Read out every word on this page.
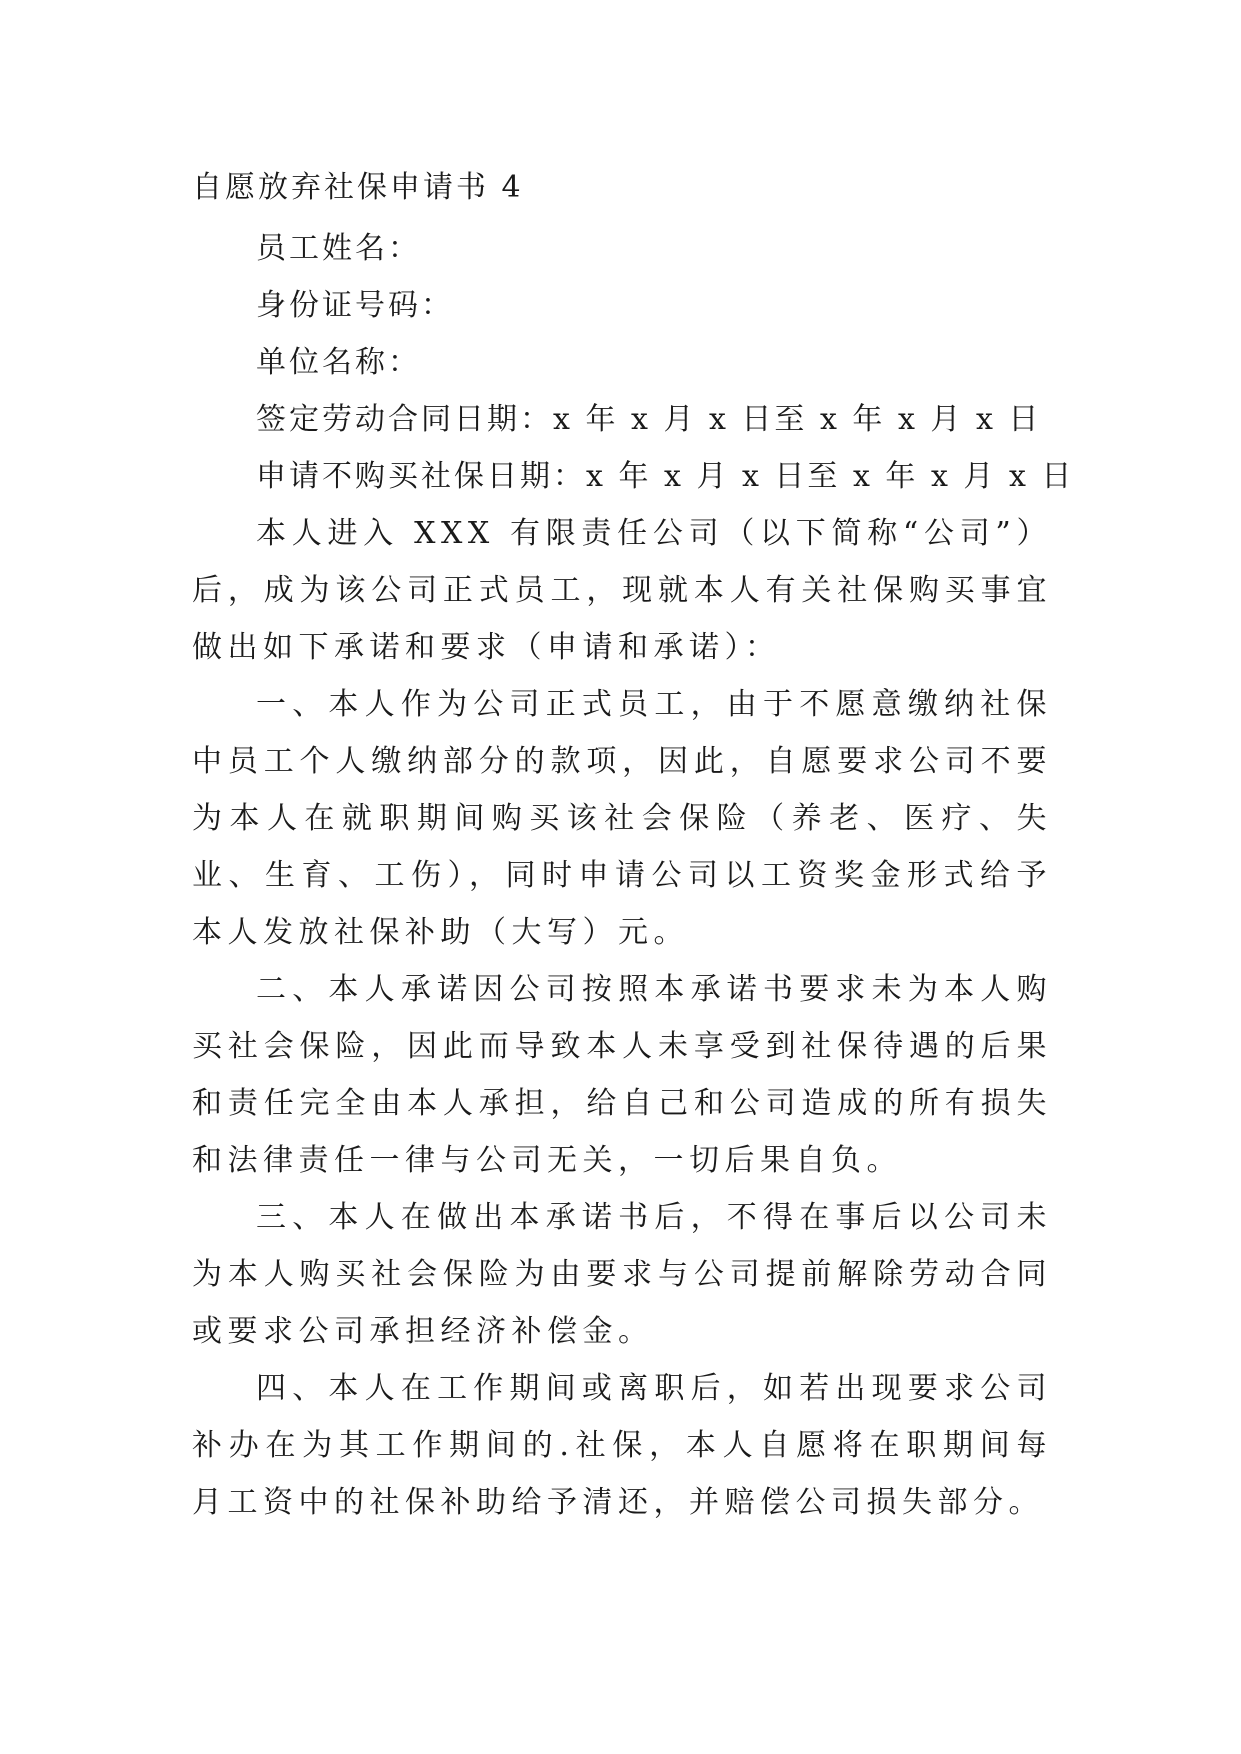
自愿放弃社保申请书 4

员工姓名：

身份证号码：

单位名称：

签定劳动合同日期：x 年 x 月 x 日至 x 年 x 月 x 日

申请不购买社保日期：x 年 x 月 x 日至 x 年 x 月 x 日

本人进入 XXX 有限责任公司（以下简称“公司”）后，成为该公司正式员工，现就本人有关社保购买事宜做出如下承诺和要求（申请和承诺）：

一、本人作为公司正式员工，由于不愿意缴纳社保中员工个人缴纳部分的款项，因此，自愿要求公司不要为本人在就职期间购买该社会保险（养老、医疗、失业、生育、工伤），同时申请公司以工资奖金形式给予本人发放社保补助（大写）元。

二、本人承诺因公司按照本承诺书要求未为本人购买社会保险，因此而导致本人未享受到社保待遇的后果和责任完全由本人承担，给自己和公司造成的所有损失和法律责任一律与公司无关，一切后果自负。

三、本人在做出本承诺书后，不得在事后以公司未为本人购买社会保险为由要求与公司提前解除劳动合同或要求公司承担经济补偿金。

四、本人在工作期间或离职后，如若出现要求公司补办在为其工作期间的.社保，本人自愿将在职期间每月工资中的社保补助给予清还，并赔偿公司损失部分。
